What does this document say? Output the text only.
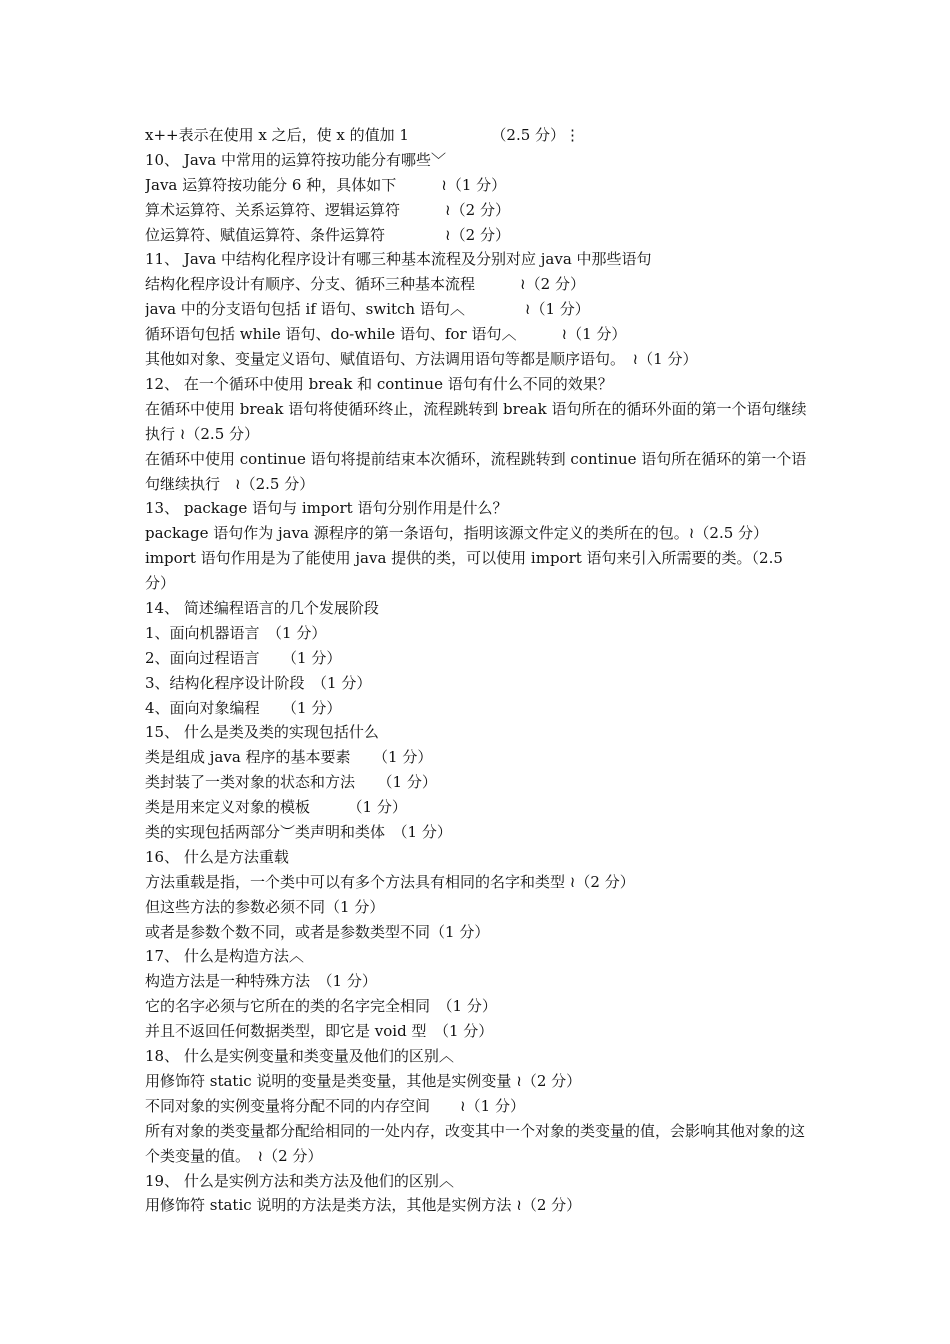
x++表示在使用 x 之后，使 x 的值加 1　　　　　　（2.5 分）⋮
10、 Java 中常用的运算符按功能分有哪些﹀
Java 运算符按功能分 6 种，具体如下　　　≀（1 分）
算术运算符、关系运算符、逻辑运算符　　　≀（2 分）
位运算符、赋值运算符、条件运算符　　　　≀（2 分）
11、 Java 中结构化程序设计有哪三种基本流程及分别对应 java 中那些语句
结构化程序设计有顺序、分支、循环三种基本流程　　　≀（2 分）
java 中的分支语句包括 if 语句、switch 语句︿　　　　≀（1 分）
循环语句包括 while 语句、do-while 语句、for 语句︿　　　≀（1 分）
其他如对象、变量定义语句、赋值语句、方法调用语句等都是顺序语句。　≀（1 分）
12、 在一个循环中使用 break 和 continue 语句有什么不同的效果？
在循环中使用 break 语句将使循环终止，流程跳转到 break 语句所在的循环外面的第一个语句继续执行 ≀（2.5 分）
在循环中使用 continue 语句将提前结束本次循环，流程跳转到 continue 语句所在循环的第一个语句继续执行　≀（2.5 分）
13、 package 语句与 import 语句分别作用是什么？
package 语句作为 java 源程序的第一条语句，指明该源文件定义的类所在的包。≀（2.5 分）
import 语句作用是为了能使用 java 提供的类，可以使用 import 语句来引入所需要的类。（2.5 分）
14、 简述编程语言的几个发展阶段
1、面向机器语言　（1 分）
2、面向过程语言　　（1 分）
3、结构化程序设计阶段　（1 分）
4、面向对象编程　　（1 分）
15、 什么是类及类的实现包括什么
类是组成 java 程序的基本要素　　（1 分）
类封装了一类对象的状态和方法　　（1 分）
类是用来定义对象的模板　　　（1 分）
类的实现包括两部分︶类声明和类体　（1 分）
16、 什么是方法重载
方法重载是指，一个类中可以有多个方法具有相同的名字和类型 ≀（2 分）
但这些方法的参数必须不同（1 分）
或者是参数个数不同，或者是参数类型不同（1 分）
17、 什么是构造方法︿
构造方法是一种特殊方法　（1 分）
它的名字必须与它所在的类的名字完全相同　（1 分）
并且不返回任何数据类型，即它是 void 型　（1 分）
18、 什么是实例变量和类变量及他们的区别︿
用修饰符 static 说明的变量是类变量，其他是实例变量 ≀（2 分）
不同对象的实例变量将分配不同的内存空间　　≀（1 分）
所有对象的类变量都分配给相同的一处内存，改变其中一个对象的类变量的值，会影响其他对象的这个类变量的值。　≀（2 分）
19、 什么是实例方法和类方法及他们的区别︿
用修饰符 static 说明的方法是类方法，其他是实例方法 ≀（2 分）
